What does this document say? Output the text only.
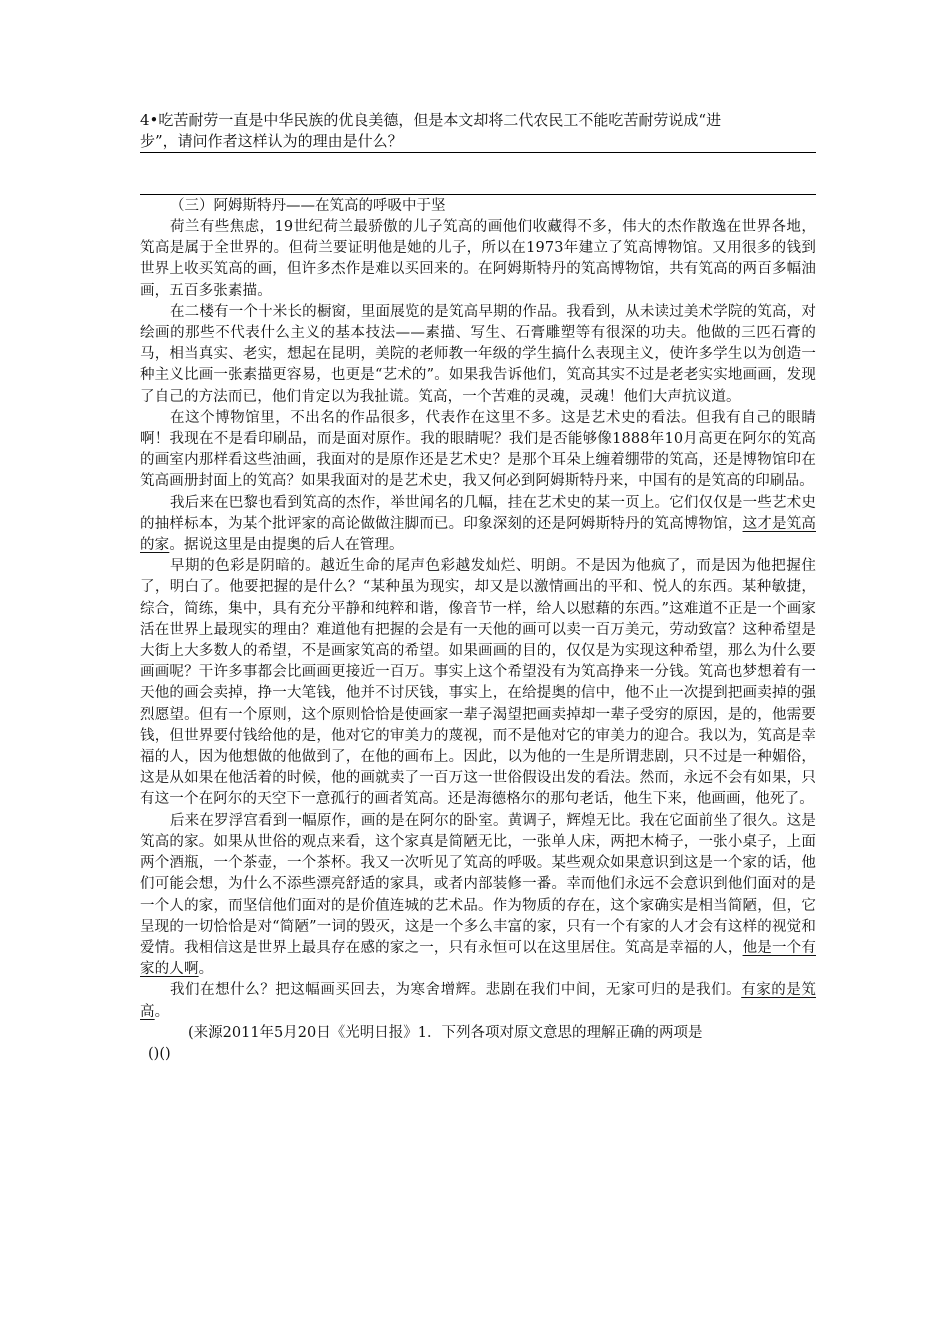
4•吃苦耐劳一直是中华民族的优良美德，但是本文却将二代农民工不能吃苦耐劳说成“进
步”，请问作者这样认为的理由是什么？

（三）阿姆斯特丹——在笂高的呼吸中于坚

荷兰有些焦虑，19世纪荷兰最骄傲的儿子笂高的画他们收藏得不多，伟大的杰作散逸在世界各地，笂高是属于全世界的。但荷兰要证明他是她的儿子，所以在1973年建立了笂高博物馆。又用很多的钱到世界上收买笂高的画，但许多杰作是难以买回来的。在阿姆斯特丹的笂高博物馆，共有笂高的两百多幅油画，五百多张素描。

在二楼有一个十米长的橱窗，里面展览的是笂高早期的作品。我看到，从未读过美术学院的笂高，对绘画的那些不代表什么主义的基本技法——素描、写生、石膏雕塑等有很深的功夫。他做的三匹石膏的马，相当真实、老实，想起在昆明，美院的老师教一年级的学生搞什么表现主义，使许多学生以为创造一种主义比画一张素描更容易，也更是“艺术的”。如果我告诉他们，笂高其实不过是老老实实地画画，发现了自己的方法而已，他们肯定以为我扯谎。笂高，一个苦难的灵魂，灵魂！他们大声抗议道。

在这个博物馆里，不出名的作品很多，代表作在这里不多。这是艺术史的看法。但我有自己的眼睛啊！我现在不是看印刷品，而是面对原作。我的眼睛呢？我们是否能够像1888年10月高更在阿尔的笂高的画室内那样看这些油画，我面对的是原作还是艺术史？是那个耳朵上缠着绷带的笂高，还是博物馆印在笂高画册封面上的笂高？如果我面对的是艺术史，我又何必到阿姆斯特丹来，中国有的是笂高的印刷品。

我后来在巴黎也看到笂高的杰作，举世闻名的几幅，挂在艺术史的某一页上。它们仅仅是一些艺术史的抽样标本，为某个批评家的高论做做注脚而已。印象深刻的还是阿姆斯特丹的笂高博物馆，这才是笂高的家。据说这里是由提奥的后人在管理。

早期的色彩是阴暗的。越近生命的尾声色彩越发灿烂、明朗。不是因为他疯了，而是因为他把握住了，明白了。他要把握的是什么？“某种虽为现实，却又是以激情画出的平和、悦人的东西。某种敏捷，综合，简练，集中，具有充分平静和纯粹和谐，像音节一样，给人以慰藉的东西。”这难道不正是一个画家活在世界上最现实的理由？难道他有把握的会是有一天他的画可以卖一百万美元，劳动致富？这种希望是大街上大多数人的希望，不是画家笂高的希望。如果画画的目的，仅仅是为实现这种希望，那么为什么要画画呢？干许多事都会比画画更接近一百万。事实上这个希望没有为笂高挣来一分钱。笂高也梦想着有一天他的画会卖掉，挣一大笔钱，他并不讨厌钱，事实上，在给提奥的信中，他不止一次提到把画卖掉的强烈愿望。但有一个原则，这个原则恰恰是使画家一辈子渴望把画卖掉却一辈子受穷的原因，是的，他需要钱，但世界要付钱给他的是，他对它的审美力的蔑视，而不是他对它的审美力的迎合。我以为，笂高是幸福的人，因为他想做的他做到了，在他的画布上。因此，以为他的一生是所谓悲剧，只不过是一种媚俗，这是从如果在他活着的时候，他的画就卖了一百万这一世俗假设出发的看法。然而，永远不会有如果，只有这一个在阿尔的天空下一意孤行的画者笂高。还是海德格尔的那句老话，他生下来，他画画，他死了。

后来在罗浮宫看到一幅原作，画的是在阿尔的卧室。黄调子，辉煌无比。我在它面前坐了很久。这是笂高的家。如果从世俗的观点来看，这个家真是简陋无比，一张单人床，两把木椅子，一张小桌子，上面两个酒瓶，一个茶壶，一个茶杯。我又一次听见了笂高的呼吸。某些观众如果意识到这是一个家的话，他们可能会想，为什么不添些漂亮舒适的家具，或者内部装修一番。幸而他们永远不会意识到他们面对的是一个人的家，而坚信他们面对的是价值连城的艺术品。作为物质的存在，这个家确实是相当简陋，但，它呈现的一切恰恰是对“简陋”一词的毁灭，这是一个多么丰富的家，只有一个有家的人才会有这样的视觉和爱情。我相信这是世界上最具存在感的家之一，只有永恒可以在这里居住。笂高是幸福的人，他是一个有家的人啊。

我们在想什么？把这幅画买回去，为寒舍增辉。悲剧在我们中间，无家可归的是我们。有家的是笂高。

(来源2011年5月20日《光明日报》1．下列各项对原文意思的理解正确的两项是

()()
